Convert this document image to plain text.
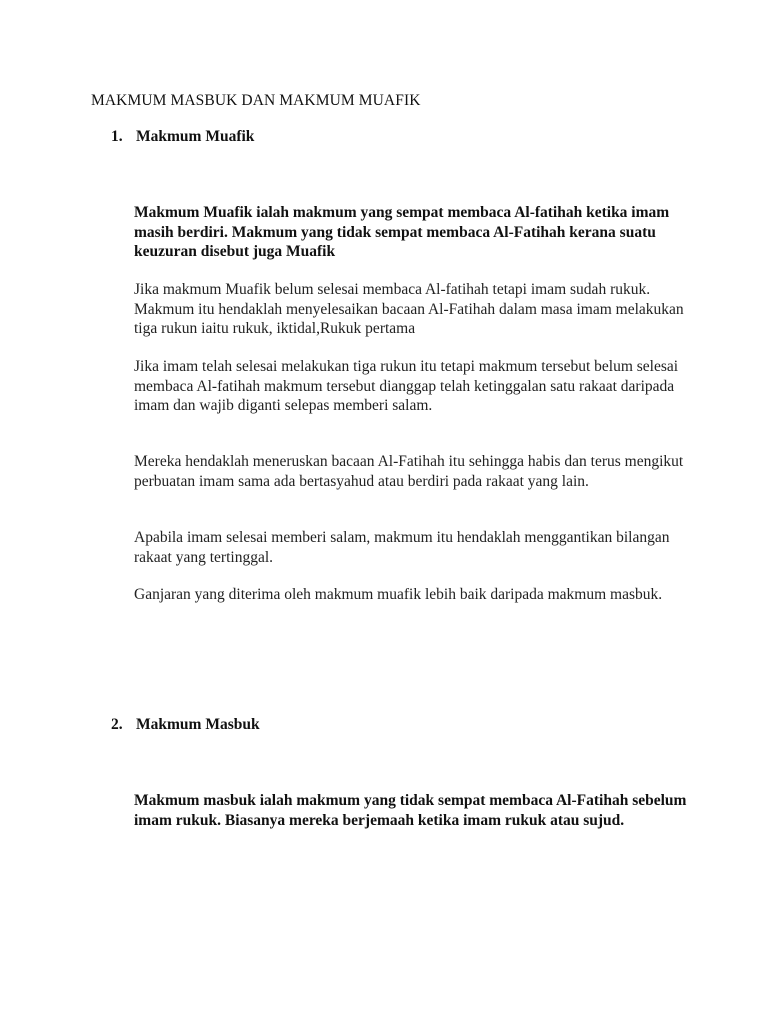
MAKMUM MASBUK DAN MAKMUM MUAFIK
1. Makmum Muafik

Makmum Muafik ialah makmum yang sempat membaca Al-fatihah ketika imam masih berdiri. Makmum yang tidak sempat membaca Al-Fatihah kerana suatu keuzuran disebut juga Muafik

Jika makmum Muafik belum selesai membaca Al-fatihah tetapi imam sudah rukuk. Makmum itu hendaklah menyelesaikan bacaan Al-Fatihah dalam masa imam melakukan tiga rukun iaitu rukuk, iktidal,Rukuk pertama

Jika imam telah selesai melakukan tiga rukun itu tetapi makmum tersebut belum selesai membaca Al-fatihah makmum tersebut dianggap telah ketinggalan satu rakaat daripada imam dan wajib diganti selepas memberi salam.

Mereka hendaklah meneruskan bacaan Al-Fatihah itu sehingga habis dan terus mengikut perbuatan imam sama ada bertasyahud atau berdiri pada rakaat yang lain.

Apabila imam selesai memberi salam, makmum itu hendaklah menggantikan bilangan rakaat yang tertinggal.

Ganjaran yang diterima oleh makmum muafik lebih baik daripada makmum masbuk.

2. Makmum Masbuk

Makmum masbuk ialah makmum yang tidak sempat membaca Al-Fatihah sebelum imam rukuk. Biasanya mereka berjemaah ketika imam rukuk atau sujud.
